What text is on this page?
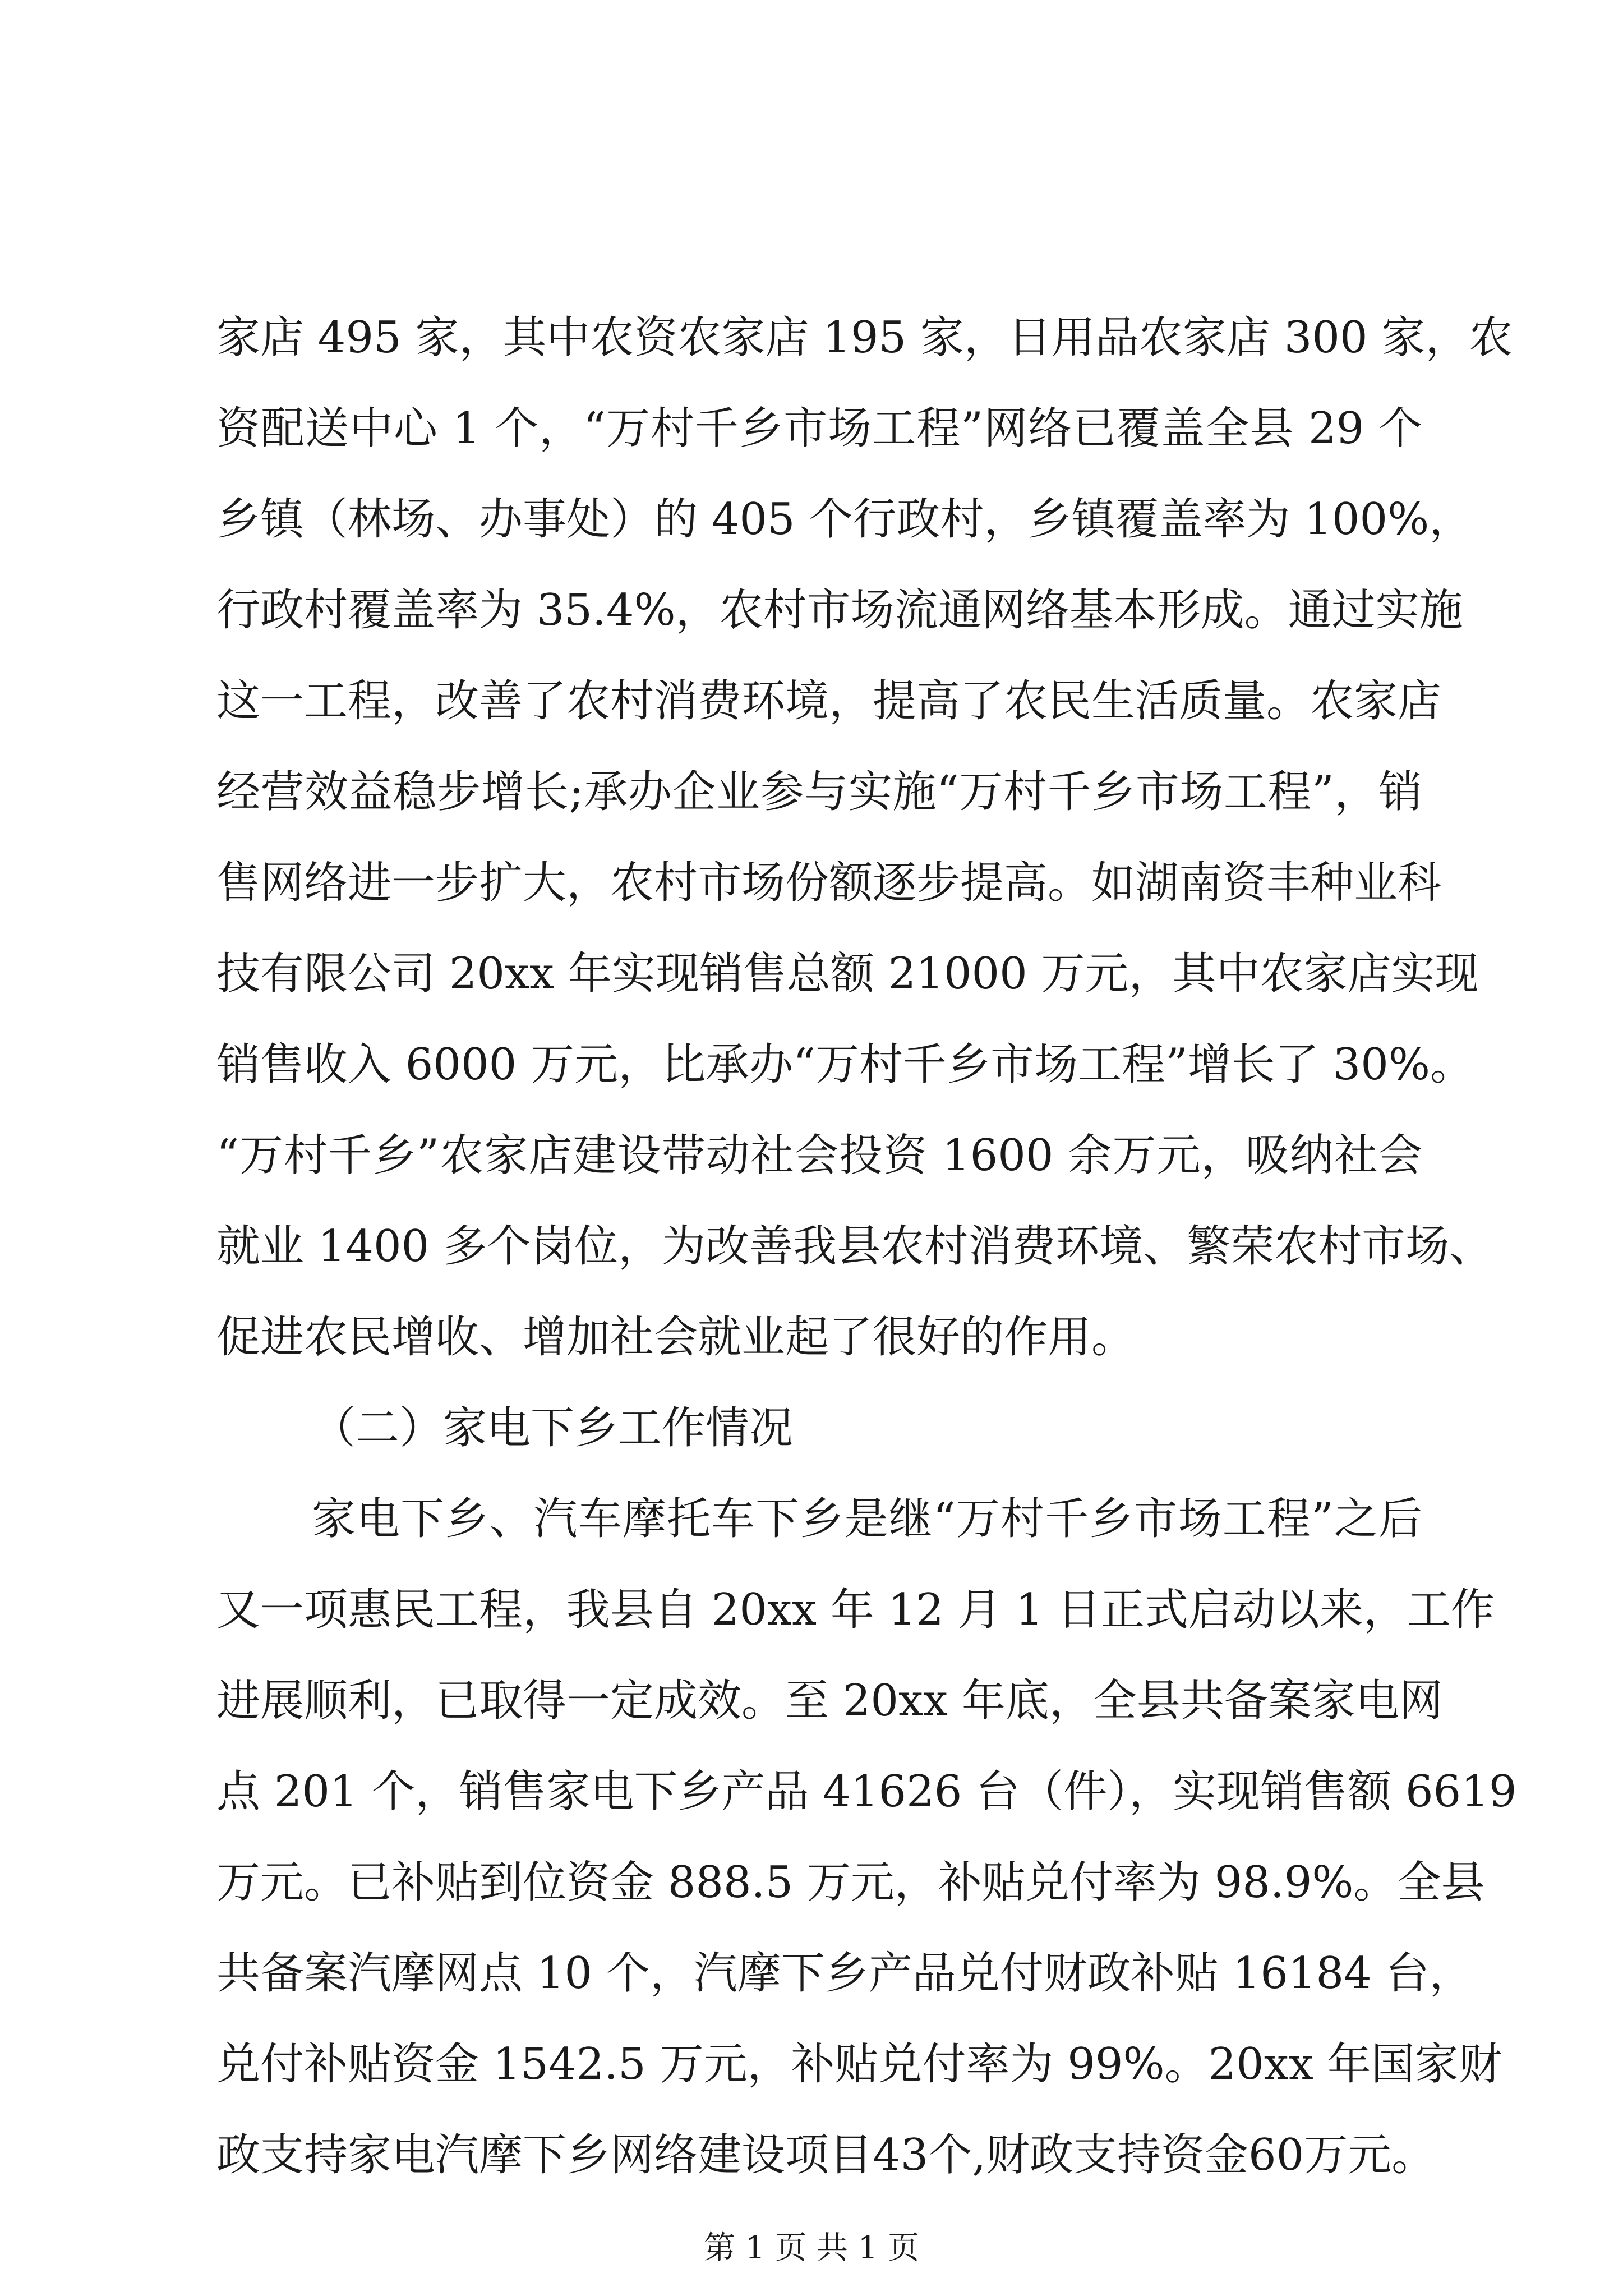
家店 495 家，其中农资农家店 195 家，日用品农家店 300 家，农
资配送中心 1 个，“万村千乡市场工程”网络已覆盖全县 29 个
乡镇（林场、办事处）的 405 个行政村，乡镇覆盖率为 100%，
行政村覆盖率为 35.4%，农村市场流通网络基本形成。通过实施
这一工程，改善了农村消费环境，提高了农民生活质量。农家店
经营效益稳步增长;承办企业参与实施“万村千乡市场工程”，销
售网络进一步扩大，农村市场份额逐步提高。如湖南资丰种业科
技有限公司 20xx 年实现销售总额 21000 万元，其中农家店实现
销售收入 6000 万元，比承办“万村千乡市场工程”增长了 30%。
“万村千乡”农家店建设带动社会投资 1600 余万元，吸纳社会
就业 1400 多个岗位，为改善我县农村消费环境、繁荣农村市场、
促进农民增收、增加社会就业起了很好的作用。
（二）家电下乡工作情况
家电下乡、汽车摩托车下乡是继“万村千乡市场工程”之后
又一项惠民工程，我县自 20xx 年 12 月 1 日正式启动以来，工作
进展顺利，已取得一定成效。至 20xx 年底，全县共备案家电网
点 201 个，销售家电下乡产品 41626 台（件），实现销售额 6619
万元。已补贴到位资金 888.5 万元，补贴兑付率为 98.9%。全县
共备案汽摩网点 10 个，汽摩下乡产品兑付财政补贴 16184 台，
兑付补贴资金 1542.5 万元，补贴兑付率为 99%。20xx 年国家财
政支持家电汽摩下乡网络建设项目43个,财政支持资金60万元。
第 1 页 共 1 页
